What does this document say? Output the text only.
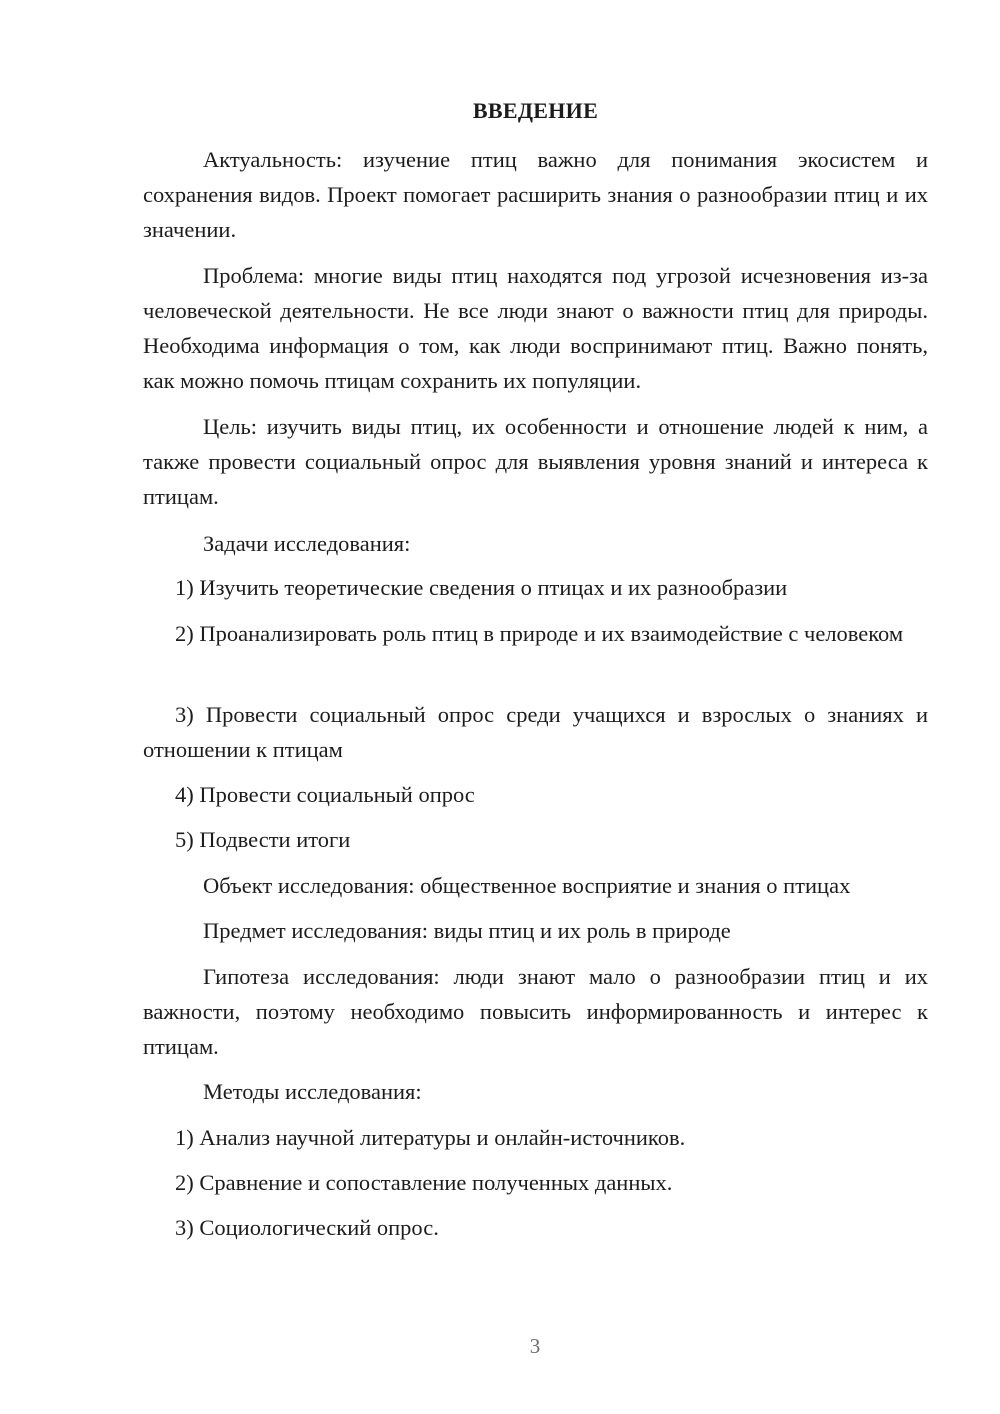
ВВЕДЕНИЕ

Актуальность: изучение птиц важно для понимания экосистем и сохранения видов. Проект помогает расширить знания о разнообразии птиц и их значении.

Проблема: многие виды птиц находятся под угрозой исчезновения из-за человеческой деятельности. Не все люди знают о важности птиц для природы. Необходима информация о том, как люди воспринимают птиц. Важно понять, как можно помочь птицам сохранить их популяции.

Цель: изучить виды птиц, их особенности и отношение людей к ним, а также провести социальный опрос для выявления уровня знаний и интереса к птицам.

Задачи исследования:

1) Изучить теоретические сведения о птицах и их разнообразии

2) Проанализировать роль птиц в природе и их взаимодействие с человеком

3) Провести социальный опрос среди учащихся и взрослых о знаниях и отношении к птицам

4) Провести социальный опрос

5) Подвести итоги

Объект исследования: общественное восприятие и знания о птицах

Предмет исследования: виды птиц и их роль в природе

Гипотеза исследования: люди знают мало о разнообразии птиц и их важности, поэтому необходимо повысить информированность и интерес к птицам.

Методы исследования:

1) Анализ научной литературы и онлайн-источников.

2) Сравнение и сопоставление полученных данных.

3) Социологический опрос.

3
